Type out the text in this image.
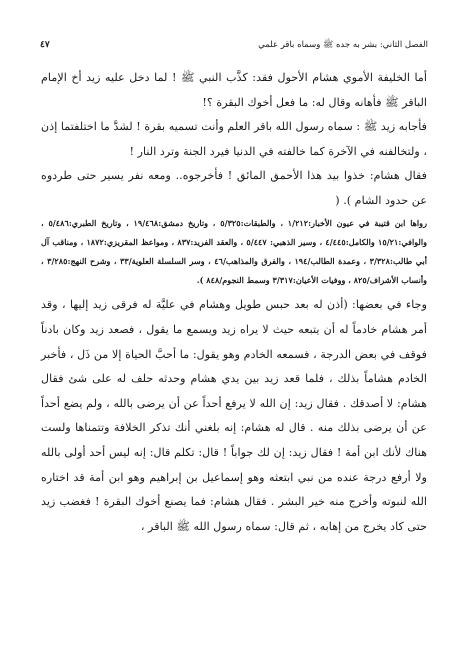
٤٧	الفصل الثاني: بشر به جده ﷺ وسماه باقر علمي

أما الخليفة الأموي هشام الأحول فقد: كذَّب النبي ﷺ ! لما دخل عليه زيد أخ الإمام الباقر ﷺ فأهانه وقال له: ما فعل أخوك البقرة ؟!

فأجابه زيد ﷺ : سماه رسول الله باقر العلم وأنت تسميه بقرة ! لشدَّ ما اختلفتما إذن ، ولتخالفنه في الآخرة كما خالفته في الدنيا فيرد الجنة وترد النار !

فقال هشام: خذوا بيد هذا الأحمق المائق ! فأخرجوه.. ومعه نفر يسير حتى طردوه عن حدود الشام ). (

رواها ابن قتيبة في عيون الأخبار:١/٢١٢ ، والطبقات:٥/٣٢٥ ، وتاريخ دمشق:١٩/٤٦٨ ، وتاريخ الطبري:٥/٤٨٦ ، والوافي:١٥/٢١ والكامل:٤/٤٤٥ ، وسير الذهبي: ٥/٤٤٧ ، والعقد الفريد:٨٣٧ ، ومواعظ المقريزي:١٨٧٢ ، ومناقب آل أبي طالب:٣/٣٢٨ ، وعمدة الطالب/١٩٤ ، والفرق والمذاهب/٤٦ ، وسر السلسلة العلوية/٣٣ ، وشرح النهج:٣/٢٨٥ ، وأنساب الأشراف/٨٢٥ ، ووفيات الأعيان:٣/٣١٧ وسمط النجوم/٨٤٨ ).

وجاء في بعضها: (أذن له بعد حبس طويل وهشام في عليَّة له فرقى زيد إليها ، وقد أمر هشام خادماً له أن يتبعه حيث لا يراه زيد ويسمع ما يقول ، فصعد زيد وكان بادناً فوقف في بعض الدرجة ، فسمعه الخادم وهو يقول: ما أحبَّ الحياة إلا من ذَل ، فأخبر الخادم هشاماً بذلك ، فلما قعد زيد بين يدي هشام وحدثه حلف له على شئ فقال هشام: لا أصدقك . فقال زيد: إن الله لا يرفع أحداً عن أن يرضى بالله ، ولم يضع أحداً عن أن يرضى بذلك منه . قال له هشام: إنه بلغني أنك تذكر الخلافة وتتمناها ولست هناك لأنك ابن أمة ! فقال زيد: إن لك جواباً ! قال: تكلم قال: إنه ليس أحد أولى بالله ولا أرفع درجة عنده من نبي ابتعثه وهو إسماعيل بن إبراهيم وهو ابن أمة قد اختاره الله لنبوته وأخرج منه خير البشر . فقال هشام: فما يصنع أخوك البقرة ! فغضب زيد حتى كاد يخرج من إهابه ، ثم قال: سماه رسول الله ﷺ الباقر ،
